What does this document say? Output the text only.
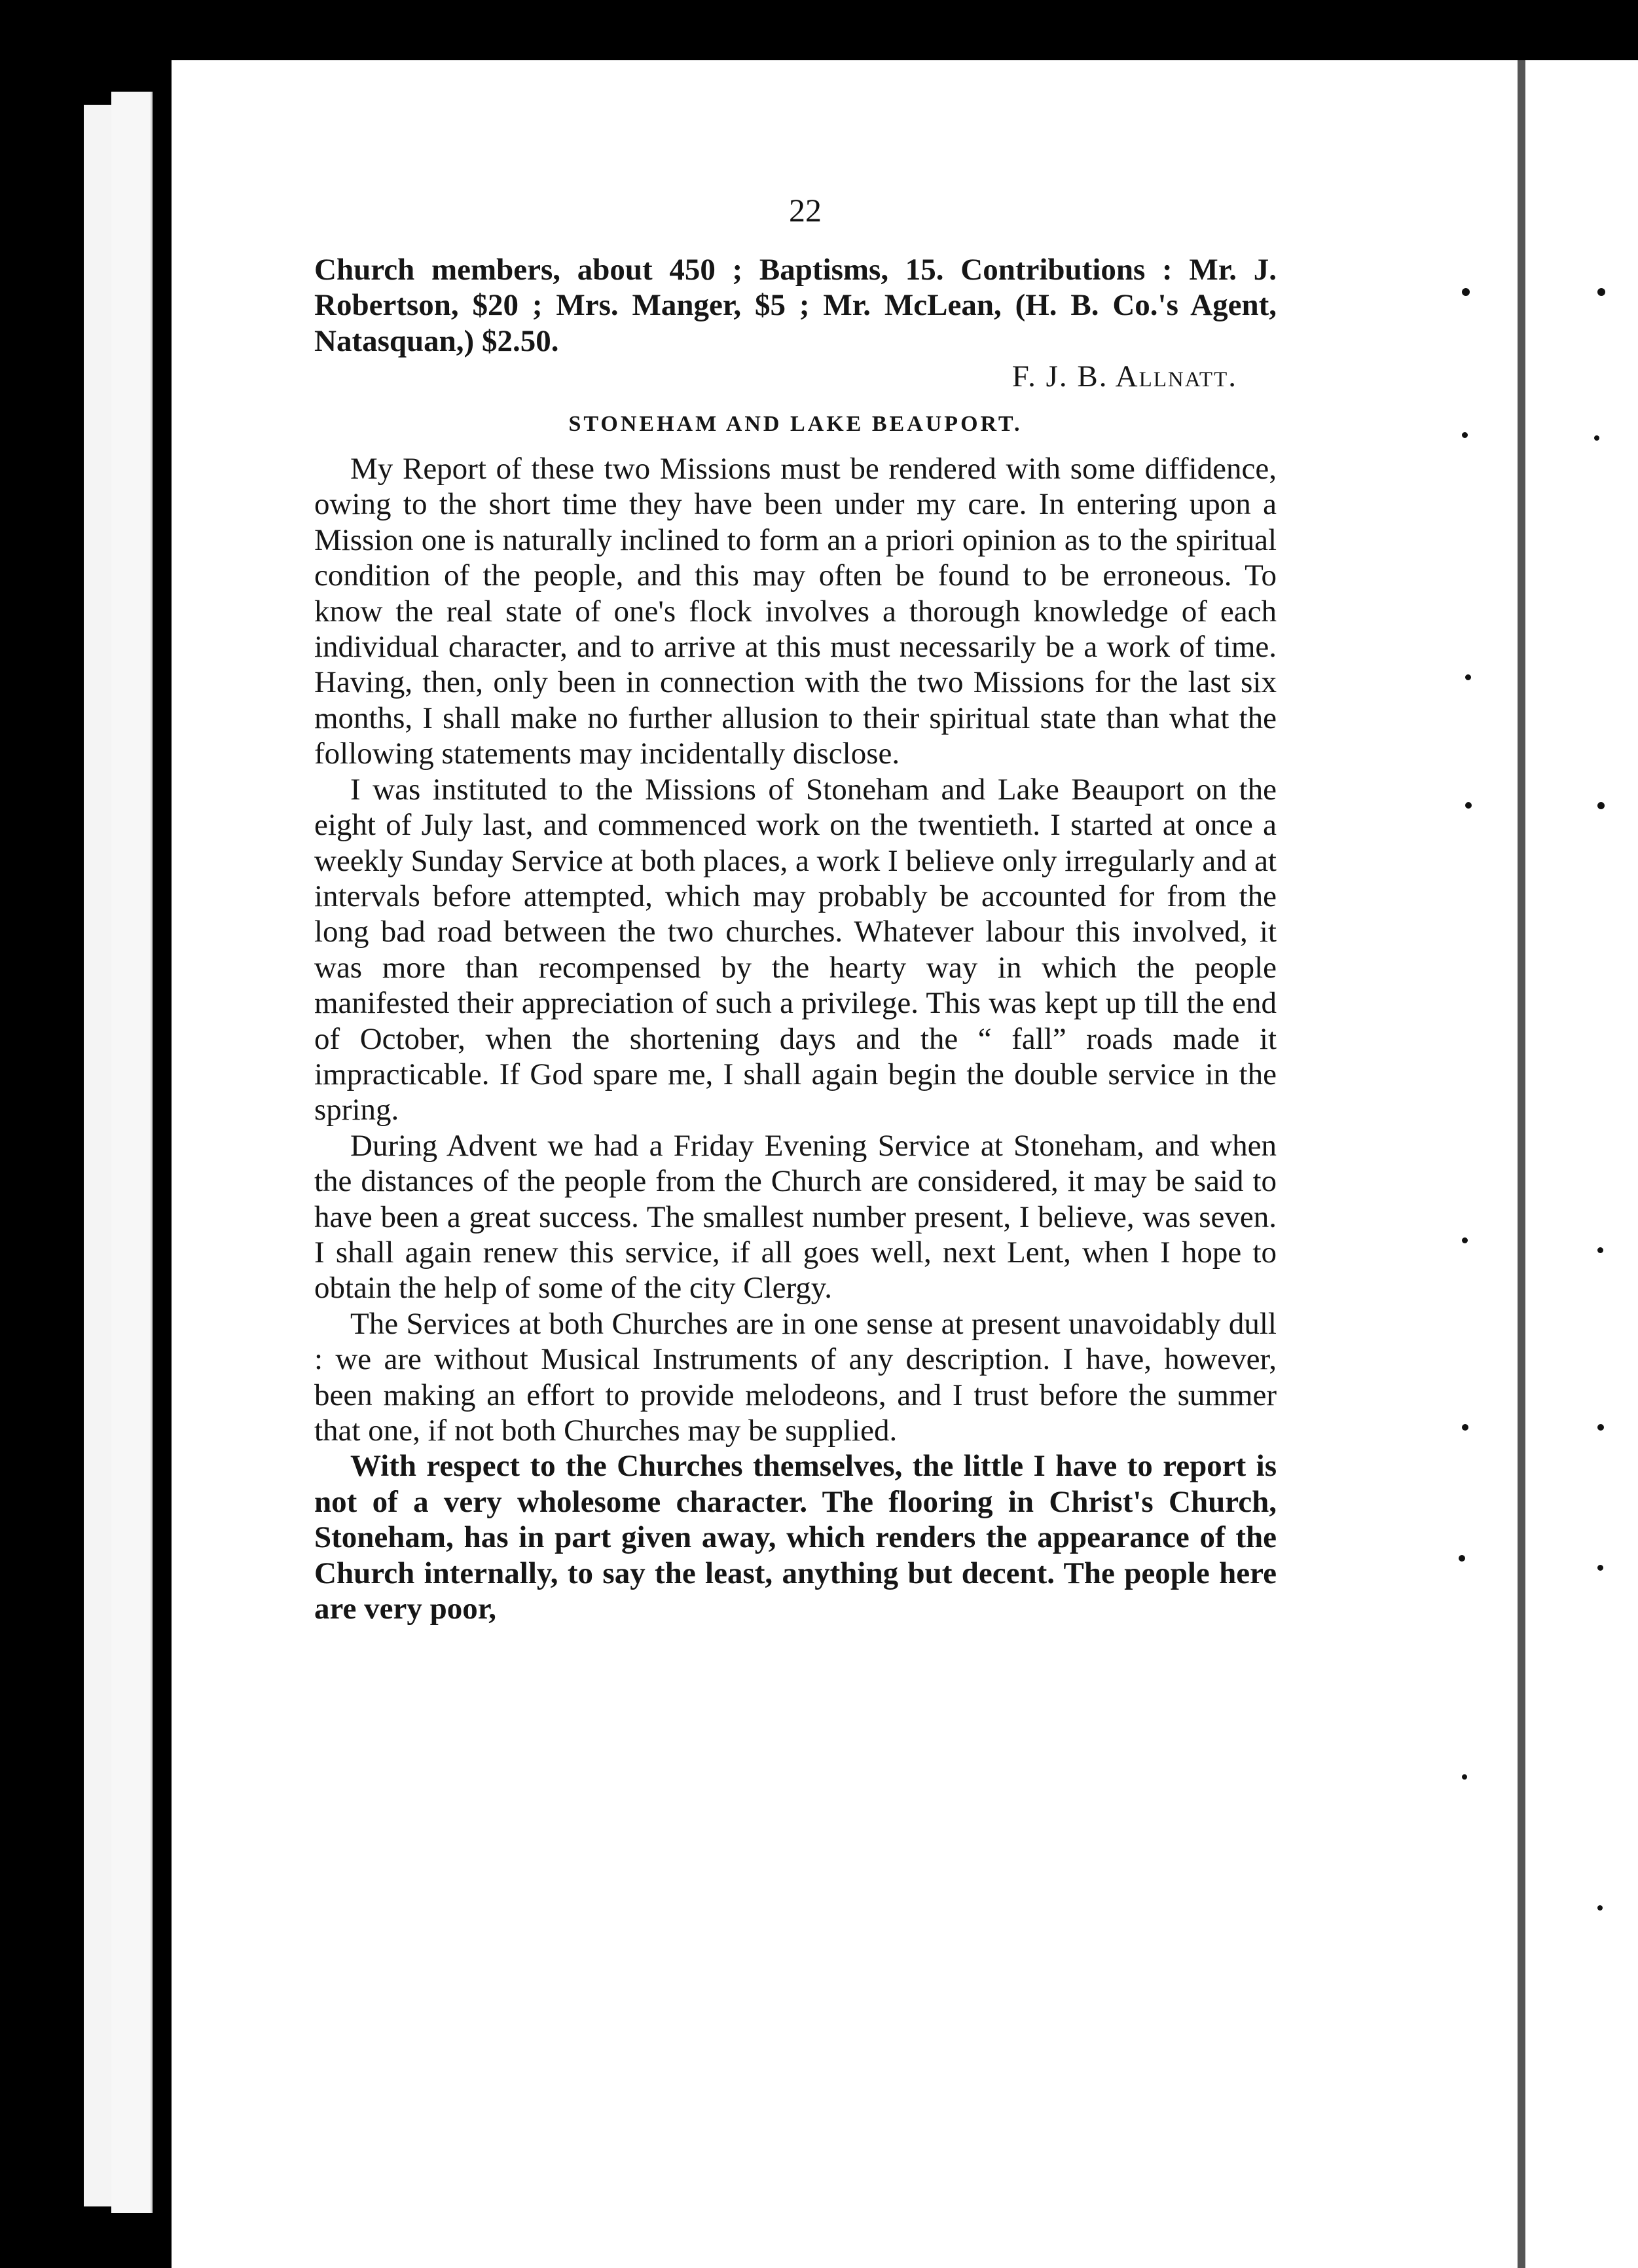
22

Church members, about 450 ; Baptisms, 15. Contributions : Mr. J. Robertson, $20 ; Mrs. Manger, $5 ; Mr. McLean, (H. B. Co.'s Agent, Natasquan,) $2.50.

F. J. B. Allnatt.

STONEHAM AND LAKE BEAUPORT.

My Report of these two Missions must be rendered with some diffidence, owing to the short time they have been under my care. In entering upon a Mission one is naturally inclined to form an a priori opinion as to the spiritual condition of the people, and this may often be found to be erroneous. To know the real state of one's flock involves a thorough knowledge of each individual character, and to arrive at this must necessarily be a work of time. Having, then, only been in connection with the two Missions for the last six months, I shall make no further allusion to their spiritual state than what the following statements may incidentally disclose.

I was instituted to the Missions of Stoneham and Lake Beauport on the eight of July last, and commenced work on the twentieth. I started at once a weekly Sunday Service at both places, a work I believe only irregularly and at intervals before attempted, which may probably be accounted for from the long bad road between the two churches. Whatever labour this involved, it was more than recompensed by the hearty way in which the people manifested their appreciation of such a privilege. This was kept up till the end of October, when the shortening days and the “ fall” roads made it impracticable. If God spare me, I shall again begin the double service in the spring.

During Advent we had a Friday Evening Service at Stoneham, and when the distances of the people from the Church are considered, it may be said to have been a great success. The smallest number present, I believe, was seven. I shall again renew this service, if all goes well, next Lent, when I hope to obtain the help of some of the city Clergy.

The Services at both Churches are in one sense at present unavoidably dull : we are without Musical Instruments of any description. I have, however, been making an effort to provide melodeons, and I trust before the summer that one, if not both Churches may be supplied.

With respect to the Churches themselves, the little I have to report is not of a very wholesome character. The flooring in Christ's Church, Stoneham, has in part given away, which renders the appearance of the Church internally, to say the least, anything but decent. The people here are very poor,
